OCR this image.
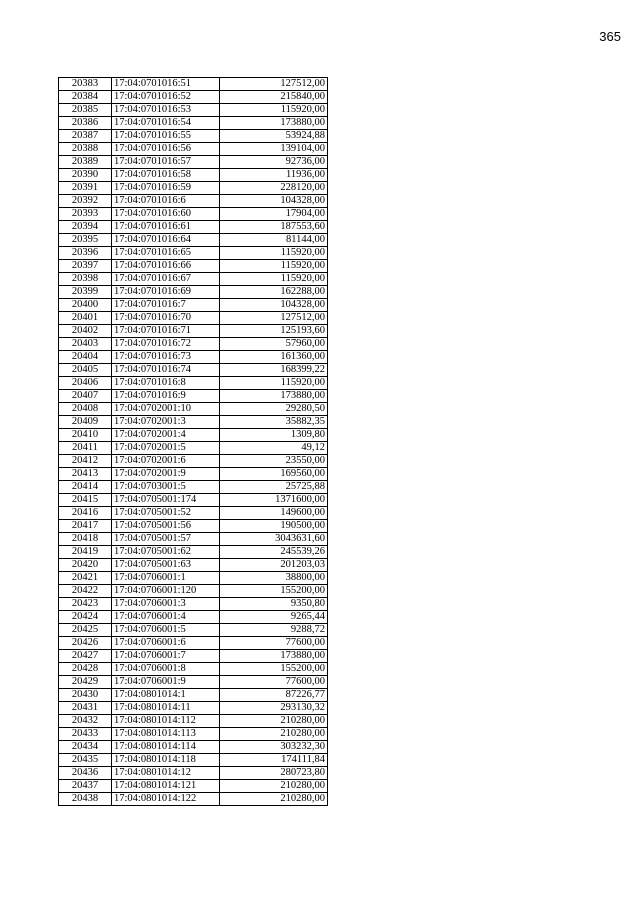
365
20383	17:04:0701016:51	127512,00
20384	17:04:0701016:52	215840,00
20385	17:04:0701016:53	115920,00
20386	17:04:0701016:54	173880,00
20387	17:04:0701016:55	53924,88
20388	17:04:0701016:56	139104,00
20389	17:04:0701016:57	92736,00
20390	17:04:0701016:58	11936,00
20391	17:04:0701016:59	228120,00
20392	17:04:0701016:6	104328,00
20393	17:04:0701016:60	17904,00
20394	17:04:0701016:61	187553,60
20395	17:04:0701016:64	81144,00
20396	17:04:0701016:65	115920,00
20397	17:04:0701016:66	115920,00
20398	17:04:0701016:67	115920,00
20399	17:04:0701016:69	162288,00
20400	17:04:0701016:7	104328,00
20401	17:04:0701016:70	127512,00
20402	17:04:0701016:71	125193,60
20403	17:04:0701016:72	57960,00
20404	17:04:0701016:73	161360,00
20405	17:04:0701016:74	168399,22
20406	17:04:0701016:8	115920,00
20407	17:04:0701016:9	173880,00
20408	17:04:0702001:10	29280,50
20409	17:04:0702001:3	35882,35
20410	17:04:0702001:4	1309,80
20411	17:04:0702001:5	49,12
20412	17:04:0702001:6	23550,00
20413	17:04:0702001:9	169560,00
20414	17:04:0703001:5	25725,88
20415	17:04:0705001:174	1371600,00
20416	17:04:0705001:52	149600,00
20417	17:04:0705001:56	190500,00
20418	17:04:0705001:57	3043631,60
20419	17:04:0705001:62	245539,26
20420	17:04:0705001:63	201203,03
20421	17:04:0706001:1	38800,00
20422	17:04:0706001:120	155200,00
20423	17:04:0706001:3	9350,80
20424	17:04:0706001:4	9265,44
20425	17:04:0706001:5	9288,72
20426	17:04:0706001:6	77600,00
20427	17:04:0706001:7	173880,00
20428	17:04:0706001:8	155200,00
20429	17:04:0706001:9	77600,00
20430	17:04:0801014:1	87226,77
20431	17:04:0801014:11	293130,32
20432	17:04:0801014:112	210280,00
20433	17:04:0801014:113	210280,00
20434	17:04:0801014:114	303232,30
20435	17:04:0801014:118	174111,84
20436	17:04:0801014:12	280723,80
20437	17:04:0801014:121	210280,00
20438	17:04:0801014:122	210280,00
